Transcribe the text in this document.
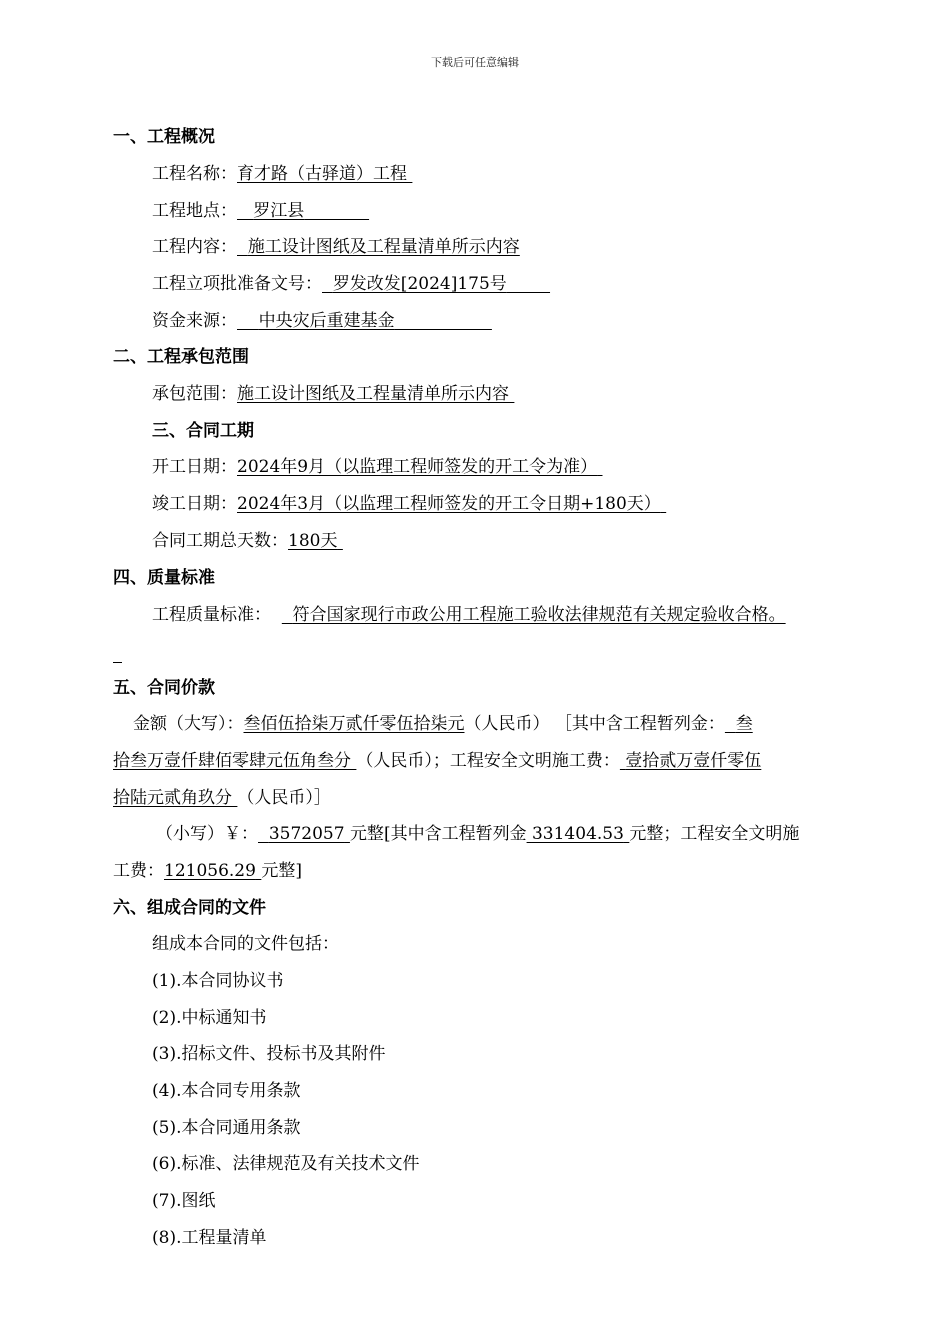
下载后可任意编辑
一、工程概况
工程名称：育才路（古驿道）工程
工程地点： 罗江县
工程内容： 施工设计图纸及工程量清单所示内容
工程立项批准备文号： 罗发改发[2024]175号
资金来源： 中央灾后重建基金
二、工程承包范围
承包范围：施工设计图纸及工程量清单所示内容
三、合同工期
开工日期：2024年9月（以监理工程师签发的开工令为准）
竣工日期：2024年3月（以监理工程师签发的开工令日期+180天）
合同工期总天数：180天
四、质量标准
工程质量标准： 符合国家现行市政公用工程施工验收法律规范有关规定验收合格。
五、合同价款
金额（大写）：叁佰伍拾柒万贰仟零伍拾柒元（人民币） ［其中含工程暂列金： 叁
拾叁万壹仟肆佰零肆元伍角叁分 （人民币）；工程安全文明施工费： 壹拾贰万壹仟零伍
拾陆元贰角玖分 （人民币）］
（小写）￥： 3572057 元整[其中含工程暂列金 331404.53 元整；工程安全文明施
工费：121056.29 元整]
六、组成合同的文件
组成本合同的文件包括：
(1).本合同协议书
(2).中标通知书
(3).招标文件、投标书及其附件
(4).本合同专用条款
(5).本合同通用条款
(6).标准、法律规范及有关技术文件
(7).图纸
(8).工程量清单
